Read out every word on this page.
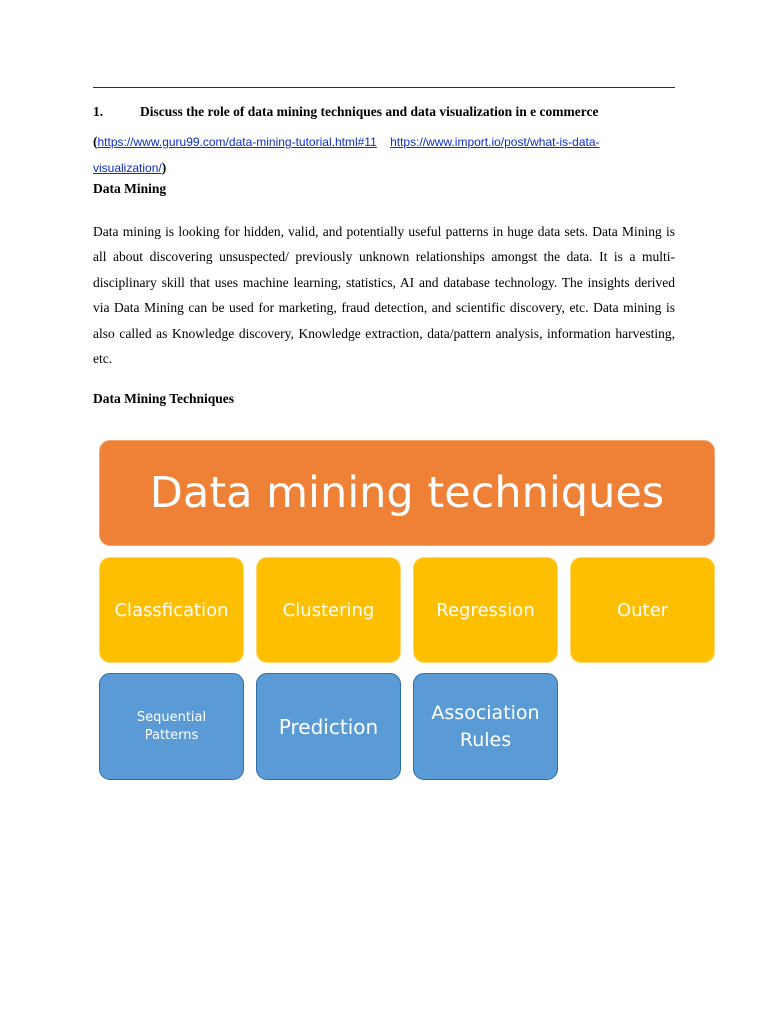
1.	Discuss the role of data mining techniques and data visualization in e commerce
(https://www.guru99.com/data-mining-tutorial.html#11 https://www.import.io/post/what-is-data-
visualization/)
Data Mining

Data mining is looking for hidden, valid, and potentially useful patterns in huge data sets. Data Mining is all about discovering unsuspected/ previously unknown relationships amongst the data. It is a multi-disciplinary skill that uses machine learning, statistics, AI and database technology. The insights derived via Data Mining can be used for marketing, fraud detection, and scientific discovery, etc. Data mining is also called as Knowledge discovery, Knowledge extraction, data/pattern analysis, information harvesting, etc.

Data Mining Techniques
Data mining techniques
Classfication	Clustering	Regression	Outer
Sequential Patterns	Prediction
Association Rules
